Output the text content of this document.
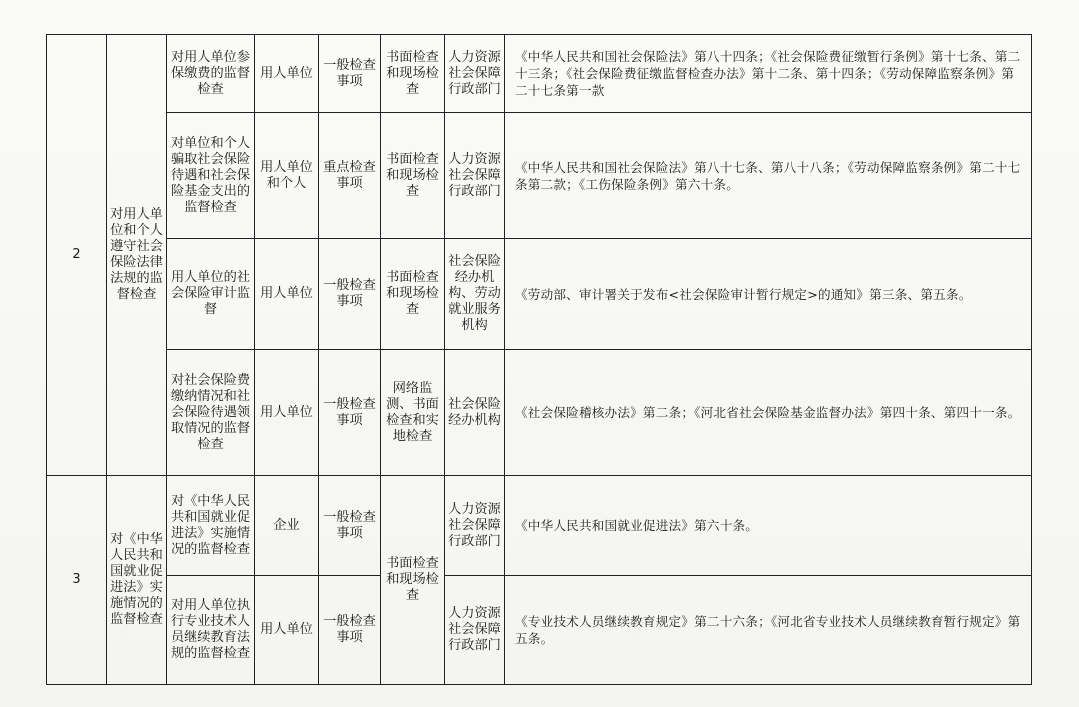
2	对用人单位和个人遵守社会保险法律法规的监督检查	对用人单位参保缴费的监督检查	用人单位	一般检查事项	书面检查和现场检查	人力资源社会保障行政部门	《中华人民共和国社会保险法》第八十四条；《社会保险费征缴暂行条例》第十七条、第二十三条；《社会保险费征缴监督检查办法》第十二条、第十四条；《劳动保障监察条例》第二十七条第一款
		对单位和个人骗取社会保险待遇和社会保险基金支出的监督检查	用人单位和个人	重点检查事项	书面检查和现场检查	人力资源社会保障行政部门	《中华人民共和国社会保险法》第八十七条、第八十八条；《劳动保障监察条例》第二十七条第二款；《工伤保险条例》第六十条。
		用人单位的社会保险审计监督	用人单位	一般检查事项	书面检查和现场检查	社会保险经办机构、劳动就业服务机构	《劳动部、审计署关于发布<社会保险审计暂行规定>的通知》第三条、第五条。
		对社会保险费缴纳情况和社会保险待遇领取情况的监督检查	用人单位	一般检查事项	网络监测、书面检查和实地检查	社会保险经办机构	《社会保险稽核办法》第二条；《河北省社会保险基金监督办法》第四十条、第四十一条。
3	对《中华人民共和国就业促进法》实施情况的监督检查	对《中华人民共和国就业促进法》实施情况的监督检查	企业	一般检查事项	书面检查和现场检查	人力资源社会保障行政部门	《中华人民共和国就业促进法》第六十条。
		对用人单位执行专业技术人员继续教育法规的监督检查	用人单位	一般检查事项		人力资源社会保障行政部门	《专业技术人员继续教育规定》第二十六条；《河北省专业技术人员继续教育暂行规定》第五条。
